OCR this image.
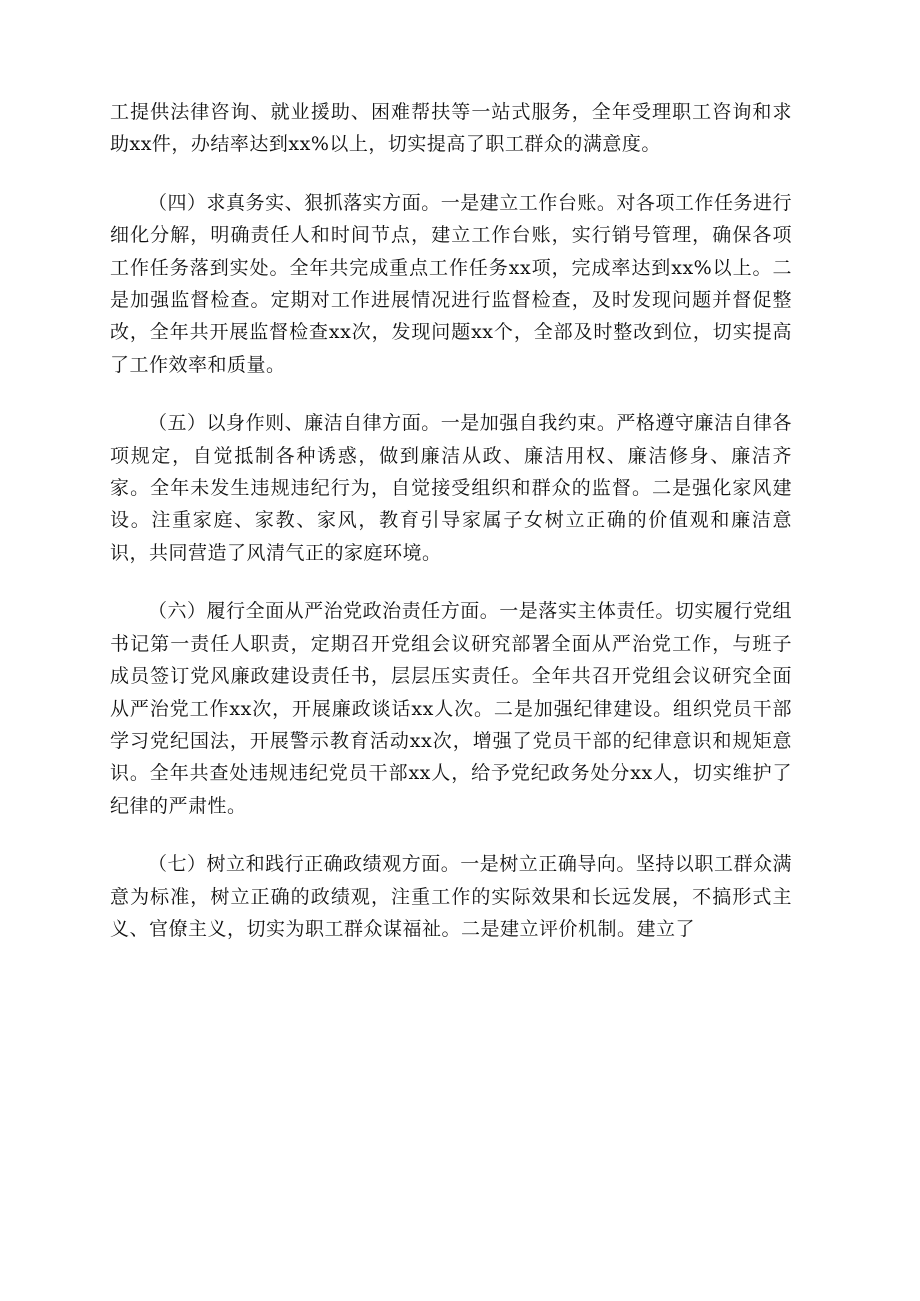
工提供法律咨询、就业援助、困难帮扶等一站式服务，全年受理职工咨询和求助xx件，办结率达到xx%以上，切实提高了职工群众的满意度。

（四）求真务实、狠抓落实方面。一是建立工作台账。对各项工作任务进行细化分解，明确责任人和时间节点，建立工作台账，实行销号管理，确保各项工作任务落到实处。全年共完成重点工作任务xx项，完成率达到xx%以上。二是加强监督检查。定期对工作进展情况进行监督检查，及时发现问题并督促整改，全年共开展监督检查xx次，发现问题xx个，全部及时整改到位，切实提高了工作效率和质量。

（五）以身作则、廉洁自律方面。一是加强自我约束。严格遵守廉洁自律各项规定，自觉抵制各种诱惑，做到廉洁从政、廉洁用权、廉洁修身、廉洁齐家。全年未发生违规违纪行为，自觉接受组织和群众的监督。二是强化家风建设。注重家庭、家教、家风，教育引导家属子女树立正确的价值观和廉洁意识，共同营造了风清气正的家庭环境。

（六）履行全面从严治党政治责任方面。一是落实主体责任。切实履行党组书记第一责任人职责，定期召开党组会议研究部署全面从严治党工作，与班子成员签订党风廉政建设责任书，层层压实责任。全年共召开党组会议研究全面从严治党工作xx次，开展廉政谈话xx人次。二是加强纪律建设。组织党员干部学习党纪国法，开展警示教育活动xx次，增强了党员干部的纪律意识和规矩意识。全年共查处违规违纪党员干部xx人，给予党纪政务处分xx人，切实维护了纪律的严肃性。

（七）树立和践行正确政绩观方面。一是树立正确导向。坚持以职工群众满意为标准，树立正确的政绩观，注重工作的实际效果和长远发展，不搞形式主义、官僚主义，切实为职工群众谋福祉。二是建立评价机制。建立了
